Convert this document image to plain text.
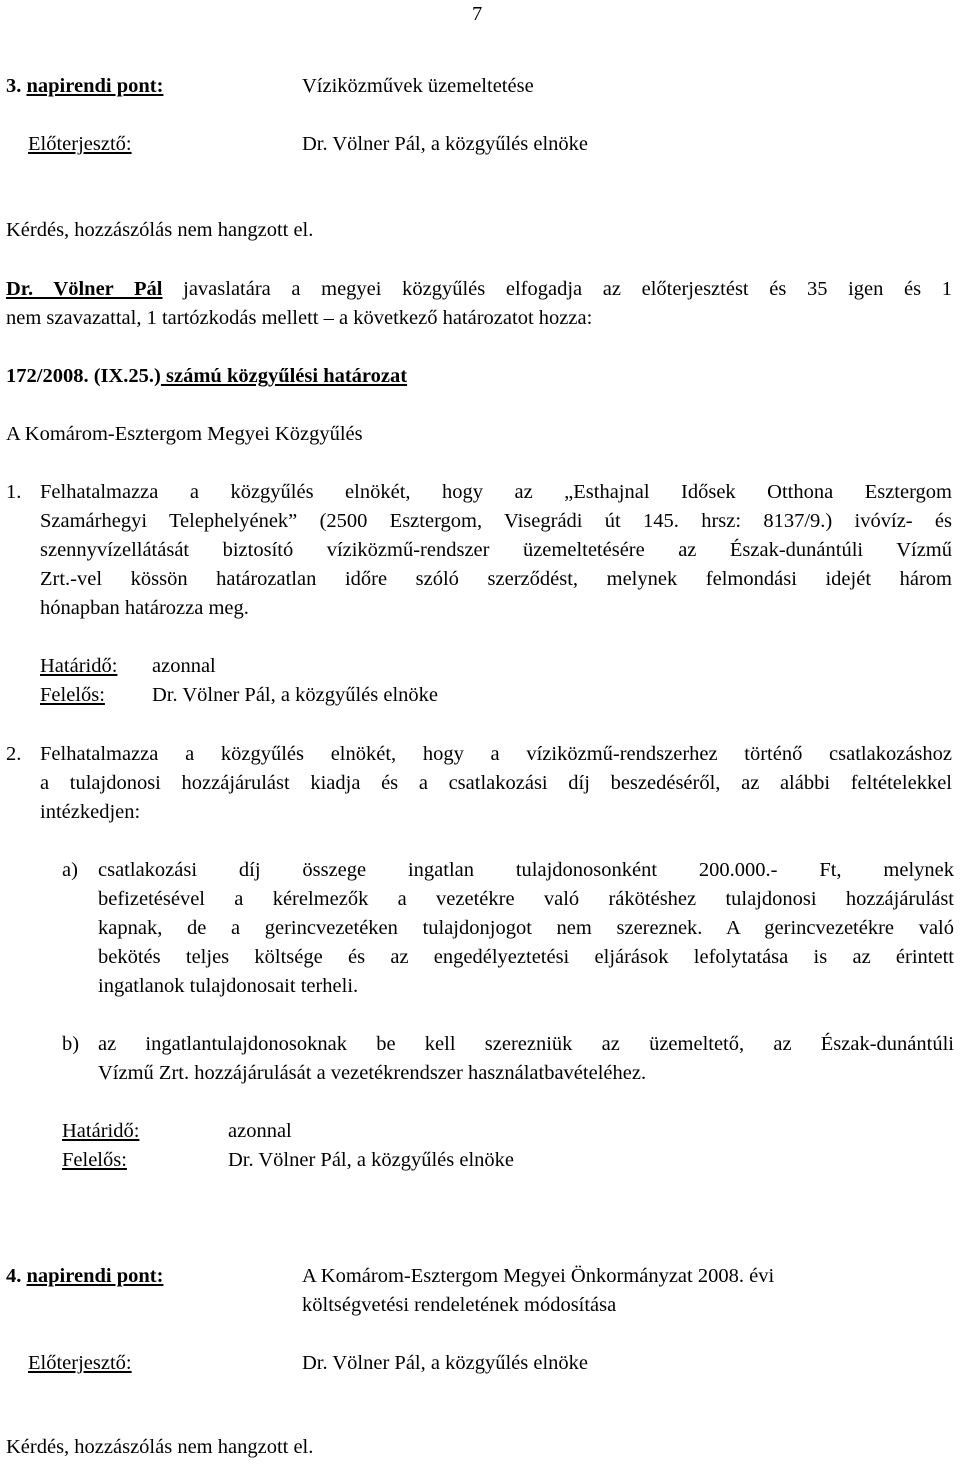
7
3. napirendi pont:	Víziközművek üzemeltetése
Előterjesztő:	Dr. Völner Pál, a közgyűlés elnöke
Kérdés, hozzászólás nem hangzott el.
Dr. Völner Pál javaslatára a megyei közgyűlés elfogadja az előterjesztést és 35 igen és 1
nem szavazattal, 1 tartózkodás mellett – a következő határozatot hozza:
172/2008. (IX.25.) számú közgyűlési határozat
A Komárom-Esztergom Megyei Közgyűlés
1. Felhatalmazza a közgyűlés elnökét, hogy az „Esthajnal Idősek Otthona Esztergom
Szamárhegyi Telephelyének” (2500 Esztergom, Visegrádi út 145. hrsz: 8137/9.) ivóvíz- és
szennyvízellátását biztosító víziközmű-rendszer üzemeltetésére az Észak-dunántúli Vízmű
Zrt.-vel kössön határozatlan időre szóló szerződést, melynek felmondási idejét három
hónapban határozza meg.
Határidő: azonnal
Felelős: Dr. Völner Pál, a közgyűlés elnöke
2. Felhatalmazza a közgyűlés elnökét, hogy a víziközmű-rendszerhez történő csatlakozáshoz
a tulajdonosi hozzájárulást kiadja és a csatlakozási díj beszedéséről, az alábbi feltételekkel
intézkedjen:
a) csatlakozási díj összege ingatlan tulajdonosonként 200.000.- Ft, melynek
befizetésével a kérelmezők a vezetékre való rákötéshez tulajdonosi hozzájárulást
kapnak, de a gerincvezetéken tulajdonjogot nem szereznek. A gerincvezetékre való
bekötés teljes költsége és az engedélyeztetési eljárások lefolytatása is az érintett
ingatlanok tulajdonosait terheli.
b) az ingatlantulajdonosoknak be kell szerezniük az üzemeltető, az Észak-dunántúli
Vízmű Zrt. hozzájárulását a vezetékrendszer használatbavételéhez.
Határidő:	azonnal
Felelős:	Dr. Völner Pál, a közgyűlés elnöke
4. napirendi pont:	A Komárom-Esztergom Megyei Önkormányzat 2008. évi
költségvetési rendeletének módosítása
Előterjesztő:	Dr. Völner Pál, a közgyűlés elnöke
Kérdés, hozzászólás nem hangzott el.
